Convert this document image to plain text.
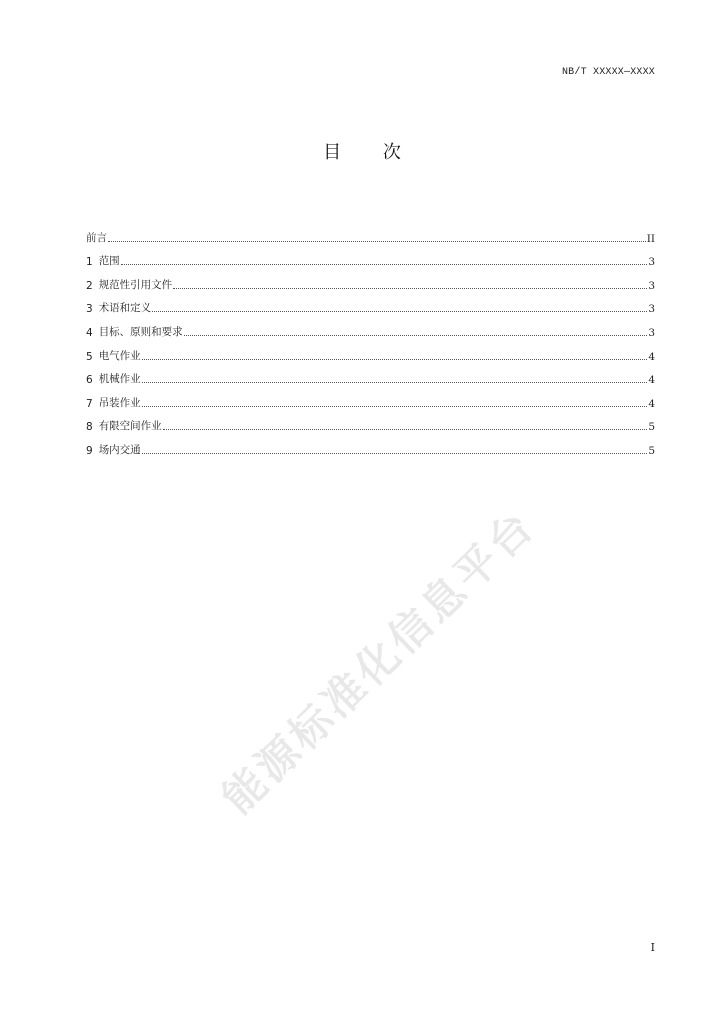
NB/T XXXXX—XXXX
目 次
前言	II
1 范围	3
2 规范性引用文件	3
3 术语和定义	3
4 目标、原则和要求	3
5 电气作业	4
6 机械作业	4
7 吊装作业	4
8 有限空间作业	5
9 场内交通	5
能源标准化信息平台
I
